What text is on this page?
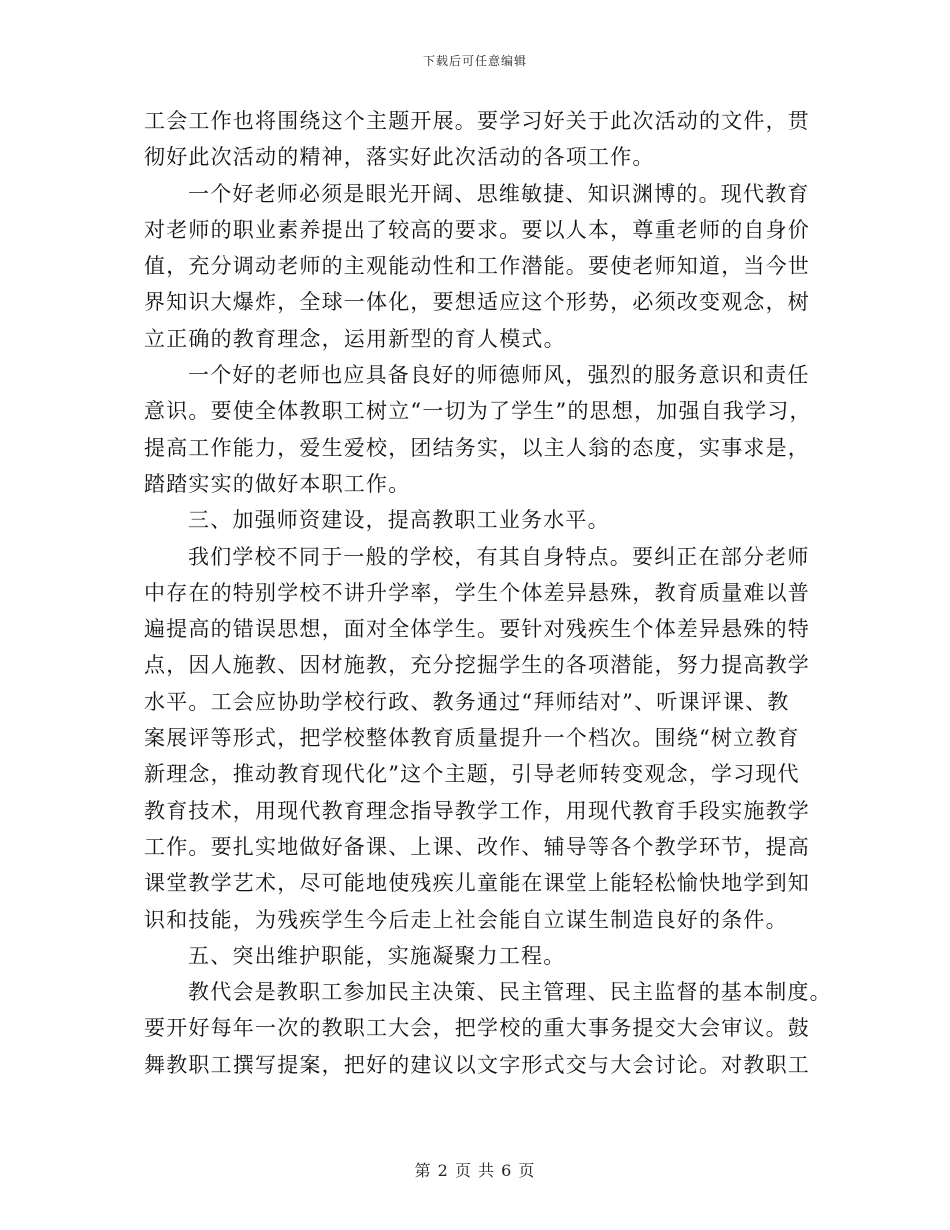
下载后可任意编辑
工会工作也将围绕这个主题开展。要学习好关于此次活动的文件，贯
彻好此次活动的精神，落实好此次活动的各项工作。
一个好老师必须是眼光开阔、思维敏捷、知识渊博的。现代教育
对老师的职业素养提出了较高的要求。要以人本，尊重老师的自身价
值，充分调动老师的主观能动性和工作潜能。要使老师知道，当今世
界知识大爆炸，全球一体化，要想适应这个形势，必须改变观念，树
立正确的教育理念，运用新型的育人模式。
一个好的老师也应具备良好的师德师风，强烈的服务意识和责任
意识。要使全体教职工树立“一切为了学生”的思想，加强自我学习，
提高工作能力，爱生爱校，团结务实，以主人翁的态度，实事求是，
踏踏实实的做好本职工作。
三、加强师资建设，提高教职工业务水平。
我们学校不同于一般的学校，有其自身特点。要纠正在部分老师
中存在的特别学校不讲升学率，学生个体差异悬殊，教育质量难以普
遍提高的错误思想，面对全体学生。要针对残疾生个体差异悬殊的特
点，因人施教、因材施教，充分挖掘学生的各项潜能，努力提高教学
水平。工会应协助学校行政、教务通过“拜师结对”、听课评课、教
案展评等形式，把学校整体教育质量提升一个档次。围绕“树立教育
新理念，推动教育现代化”这个主题，引导老师转变观念，学习现代
教育技术，用现代教育理念指导教学工作，用现代教育手段实施教学
工作。要扎实地做好备课、上课、改作、辅导等各个教学环节，提高
课堂教学艺术，尽可能地使残疾儿童能在课堂上能轻松愉快地学到知
识和技能，为残疾学生今后走上社会能自立谋生制造良好的条件。
五、突出维护职能，实施凝聚力工程。
教代会是教职工参加民主决策、民主管理、民主监督的基本制度。
要开好每年一次的教职工大会，把学校的重大事务提交大会审议。鼓
舞教职工撰写提案，把好的建议以文字形式交与大会讨论。对教职工
第 2 页 共 6 页
